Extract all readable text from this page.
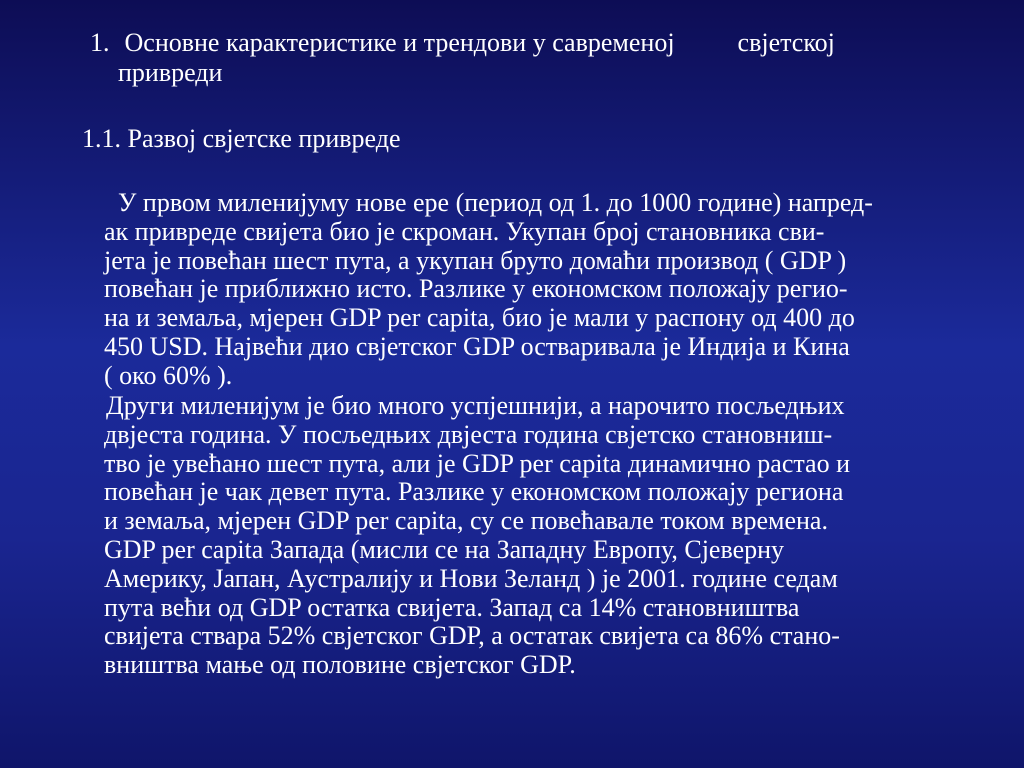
1. Основне карактеристике и трендови у савременој свјетској
привреди
1.1. Развој свјетске привреде

У првом миленијуму нове ере (период од 1. до 1000 године) напред-
ак привреде свијета био је скроман. Укупан број становника сви-
јета је повећан шест пута, а укупан бруто домаћи производ ( GDP )
повећан је приближно исто. Разлике у економском положају регио-
на и земаља, мјерен GDP per capita, био је мали у распону од 400 до
450 USD. Највећи дио свјетског GDP остваривала је Индија и Кина
( око 60% ).

Други миленијум је био много успјешнији, а нарочито посљедњих
двјеста година. У посљедњих двјеста година свјетско становниш-
тво је увећано шест пута, али је GDP per capita динамично растао и
повећан је чак девет пута. Разлике у економском положају региона
и земаља, мјерен GDP per capita, су се повећавале током времена.
GDP per capita Запада (мисли се на Западну Европу, Сјеверну
Америку, Јапан, Аустралију и Нови Зеланд ) је 2001. године седам
пута већи од GDP остатка свијета. Запад са 14% становништва
свијета ствара 52% свјетског GDP, а остатак свијета са 86% стано-
вништва мање од половине свјетског GDP.
